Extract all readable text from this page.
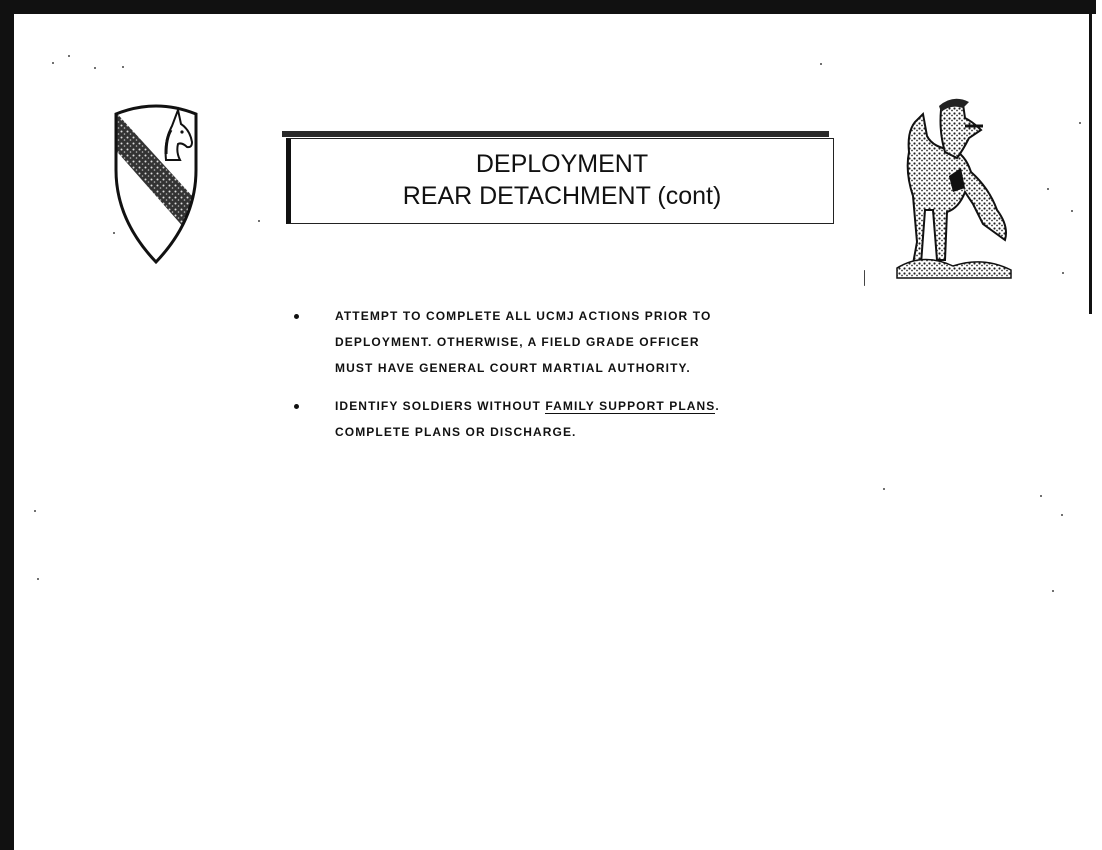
DEPLOYMENT
REAR DETACHMENT (cont)
ATTEMPT TO COMPLETE ALL UCMJ ACTIONS PRIOR TO
DEPLOYMENT. OTHERWISE, A FIELD GRADE OFFICER
MUST HAVE GENERAL COURT MARTIAL AUTHORITY.
IDENTIFY SOLDIERS WITHOUT FAMILY SUPPORT PLANS.
COMPLETE PLANS OR DISCHARGE.
